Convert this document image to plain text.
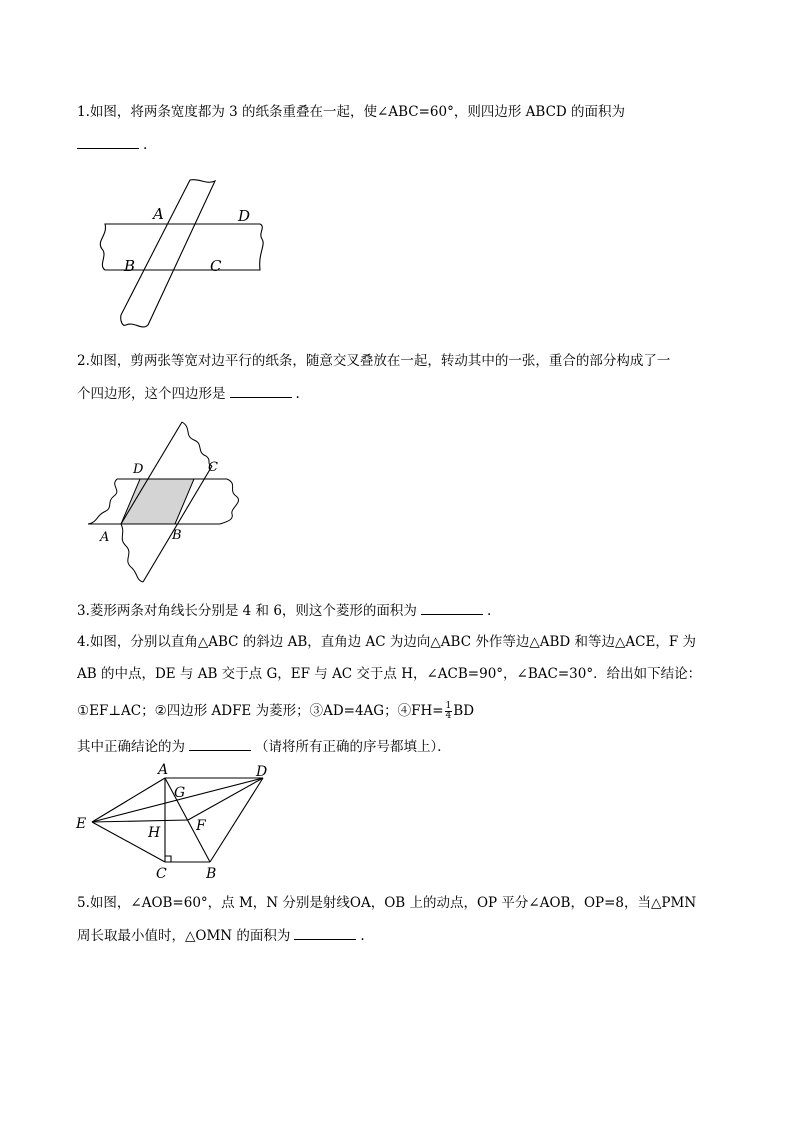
1.如图，将两条宽度都为 3 的纸条重叠在一起，使∠ABC=60°，则四边形 ABCD 的面积为
.
A	D
B	C
2.如图，剪两张等宽对边平行的纸条，随意交叉叠放在一起，转动其中的一张，重合的部分构成了一
个四边形，这个四边形是	.
D	C
A	B
3.菱形两条对角线长分别是 4 和 6，则这个菱形的面积为	.
4.如图，分别以直角△ABC 的斜边 AB，直角边 AC 为边向△ABC 外作等边△ABD 和等边△ACE，F 为
AB 的中点，DE 与 AB 交于点 G，EF 与 AC 交于点 H，∠ACB=90°，∠BAC=30°．给出如下结论：
①EF⊥AC；②四边形 ADFE 为菱形；③AD=4AG；④FH= $\frac{1}{4}$ BD
其中正确结论的为	（请将所有正确的序号都填上）．
A	D
G
E
H	F
C	B
5.如图，∠AOB=60°，点 M，N 分别是射线OA，OB 上的动点，OP 平分∠AOB，OP=8，当△PMN
周长取最小值时，△OMN 的面积为	.
